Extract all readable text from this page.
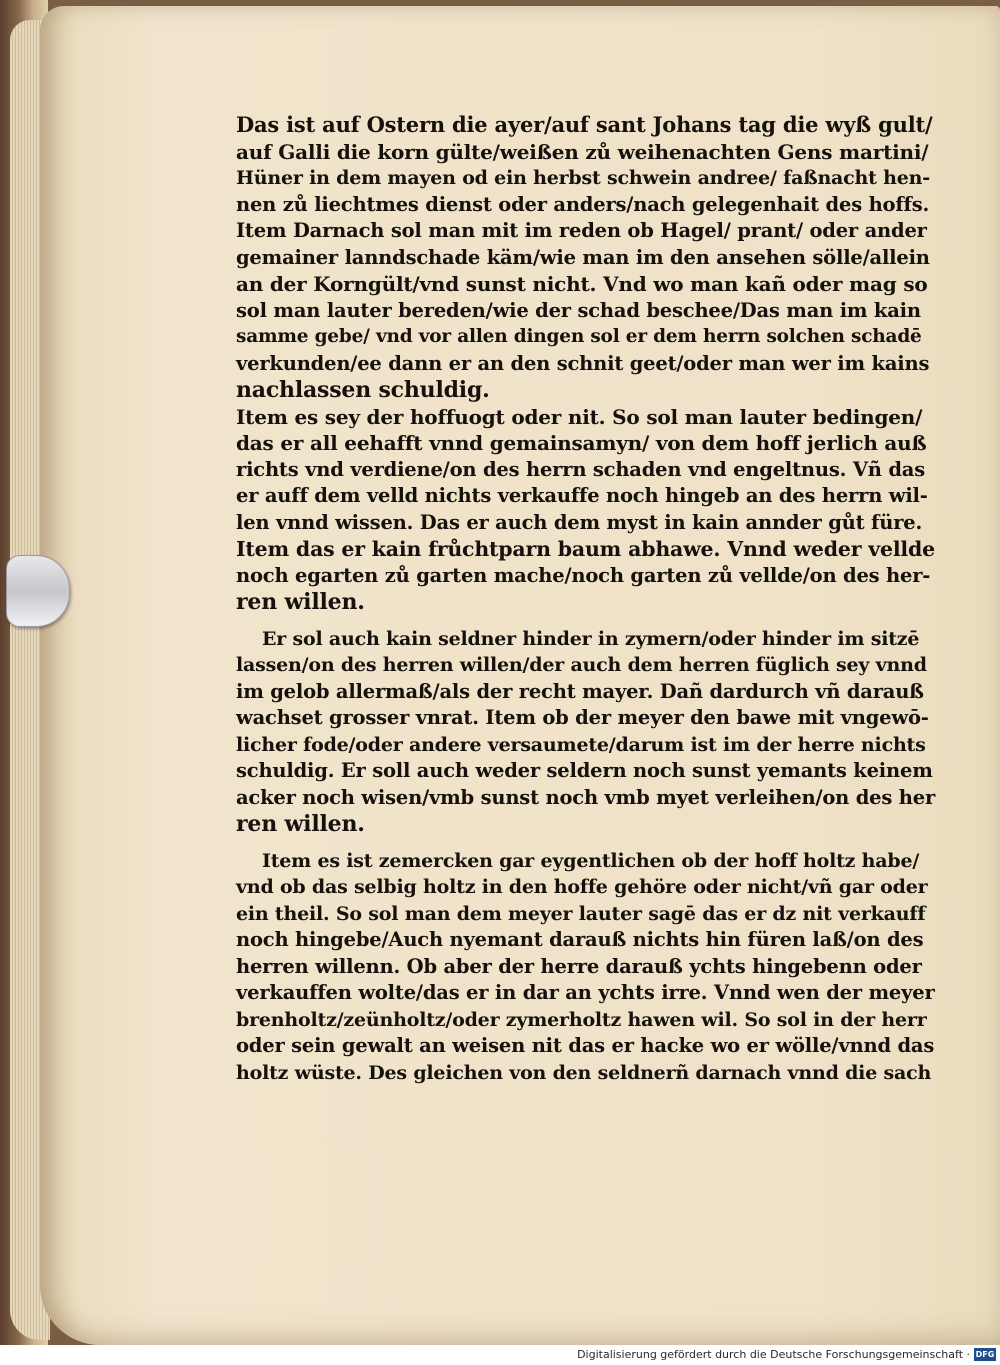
Das ist auf Ostern die ayer/auf sant Johans tag die wyß gult/
auf Galli die korn gülte/weißen zů weihenachten Gens martini/
Hüner in dem mayen od ein herbst schwein andree/ faßnacht hen-
nen zů liechtmes dienst oder anders/nach gelegenhait des hoffs.
Item Darnach sol man mit im reden ob Hagel/ prant/ oder ander
gemainer lanndschade käm/wie man im den ansehen sölle/allein
an der Korngült/vnd sunst nicht. Vnd wo man kañ oder mag so
sol man lauter bereden/wie der schad beschee/Das man im kain
samme gebe/ vnd vor allen dingen sol er dem herrn solchen schadē
verkunden/ee dann er an den schnit geet/oder man wer im kains
nachlassen schuldig.
Item es sey der hoffuogt oder nit. So sol man lauter bedingen/
das er all eehafft vnnd gemainsamyn/ von dem hoff jerlich auß
richts vnd verdiene/on des herrn schaden vnd engeltnus. Vñ das
er auff dem velld nichts verkauffe noch hingeb an des herrn wil-
len vnnd wissen. Das er auch dem myst in kain annder gůt füre.
Item das er kain frůchtparn baum abhawe. Vnnd weder vellde
noch egarten zů garten mache/noch garten zů vellde/on des her-
ren willen.
Er sol auch kain seldner hinder in zymern/oder hinder im sitzē
lassen/on des herren willen/der auch dem herren füglich sey vnnd
im gelob allermaß/als der recht mayer. Dañ dardurch vñ darauß
wachset grosser vnrat. Item ob der meyer den bawe mit vngewō-
licher fode/oder andere versaumete/darum ist im der herre nichts
schuldig. Er soll auch weder seldern noch sunst yemants keinem
acker noch wisen/vmb sunst noch vmb myet verleihen/on des her
ren willen.
Item es ist zemercken gar eygentlichen ob der hoff holtz habe/
vnd ob das selbig holtz in den hoffe gehöre oder nicht/vñ gar oder
ein theil. So sol man dem meyer lauter sagē das er dz nit verkauff
noch hingebe/Auch nyemant darauß nichts hin füren laß/on des
herren willenn. Ob aber der herre darauß ychts hingebenn oder
verkauffen wolte/das er in dar an ychts irre. Vnnd wen der meyer
brenholtz/zeünholtz/oder zymerholtz hawen wil. So sol in der herr
oder sein gewalt an weisen nit das er hacke wo er wölle/vnnd das
holtz wüste. Des gleichen von den seldnerñ darnach vnnd die sach
Digitalisierung gefördert durch die Deutsche Forschungsgemeinschaft · DFG
